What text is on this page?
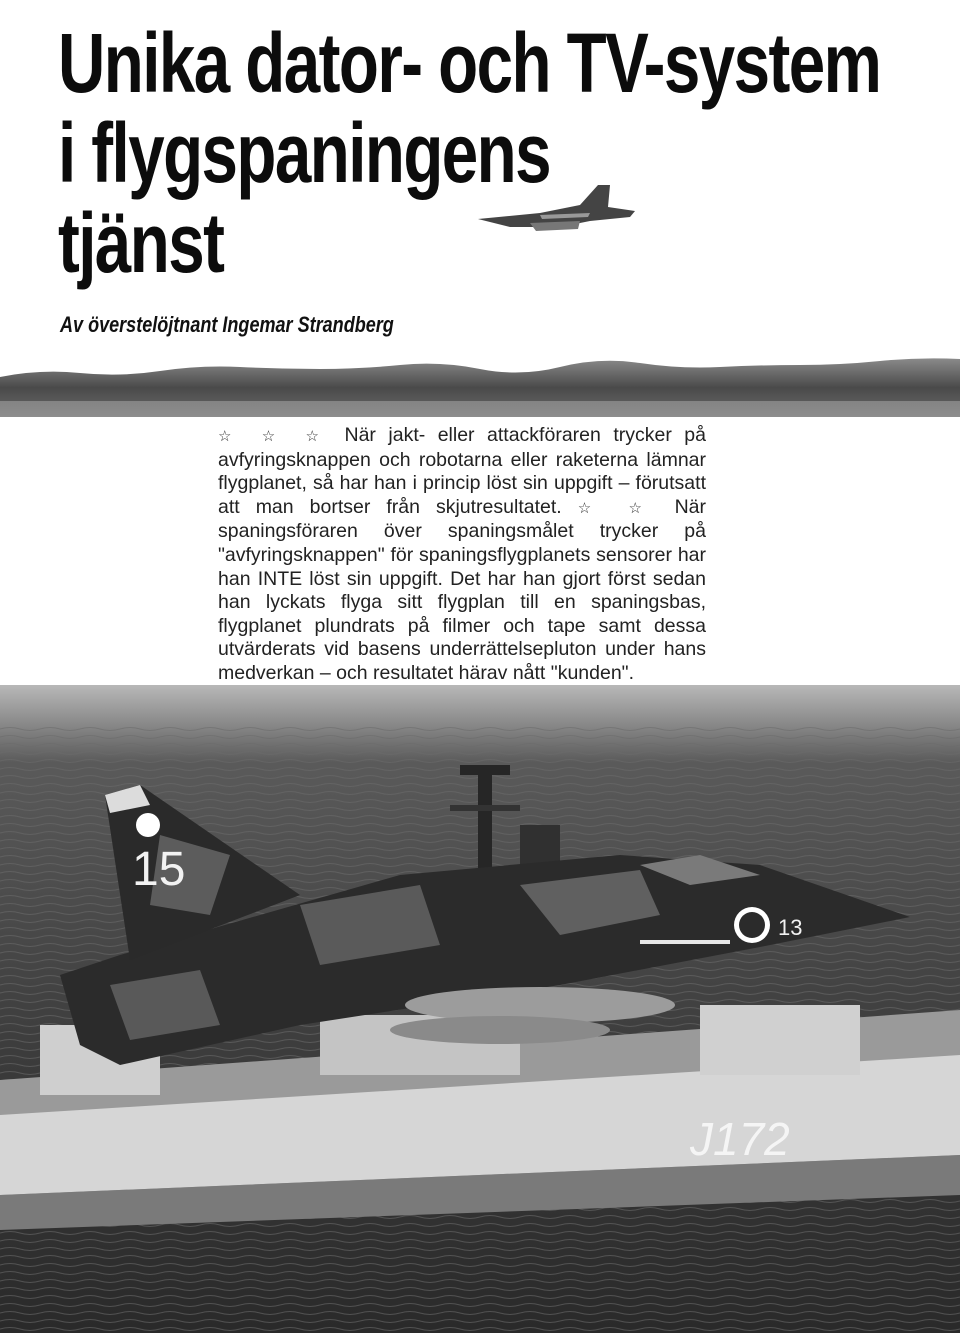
Unika dator- och TV-system
i flygspaningens
tjänst
Av överstelöjtnant Ingemar Strandberg
☆ ☆ ☆ När jakt- eller attackföraren trycker på avfyringsknappen och robotarna eller raketerna lämnar flygplanet, så har han i princip löst sin uppgift – förutsatt att man bortser från skjutresultatet. ☆ ☆ När spaningsföraren över spaningsmålet trycker på "avfyringsknappen" för spaningsflygplanets sensorer har han INTE löst sin uppgift. Det har han gjort först sedan han lyckats flyga sitt flygplan till en spaningsbas, flygplanet plundrats på filmer och tape samt dessa utvärderats vid basens underrättelsepluton under hans medverkan – och resultatet härav nått "kunden".
15
13
J172
